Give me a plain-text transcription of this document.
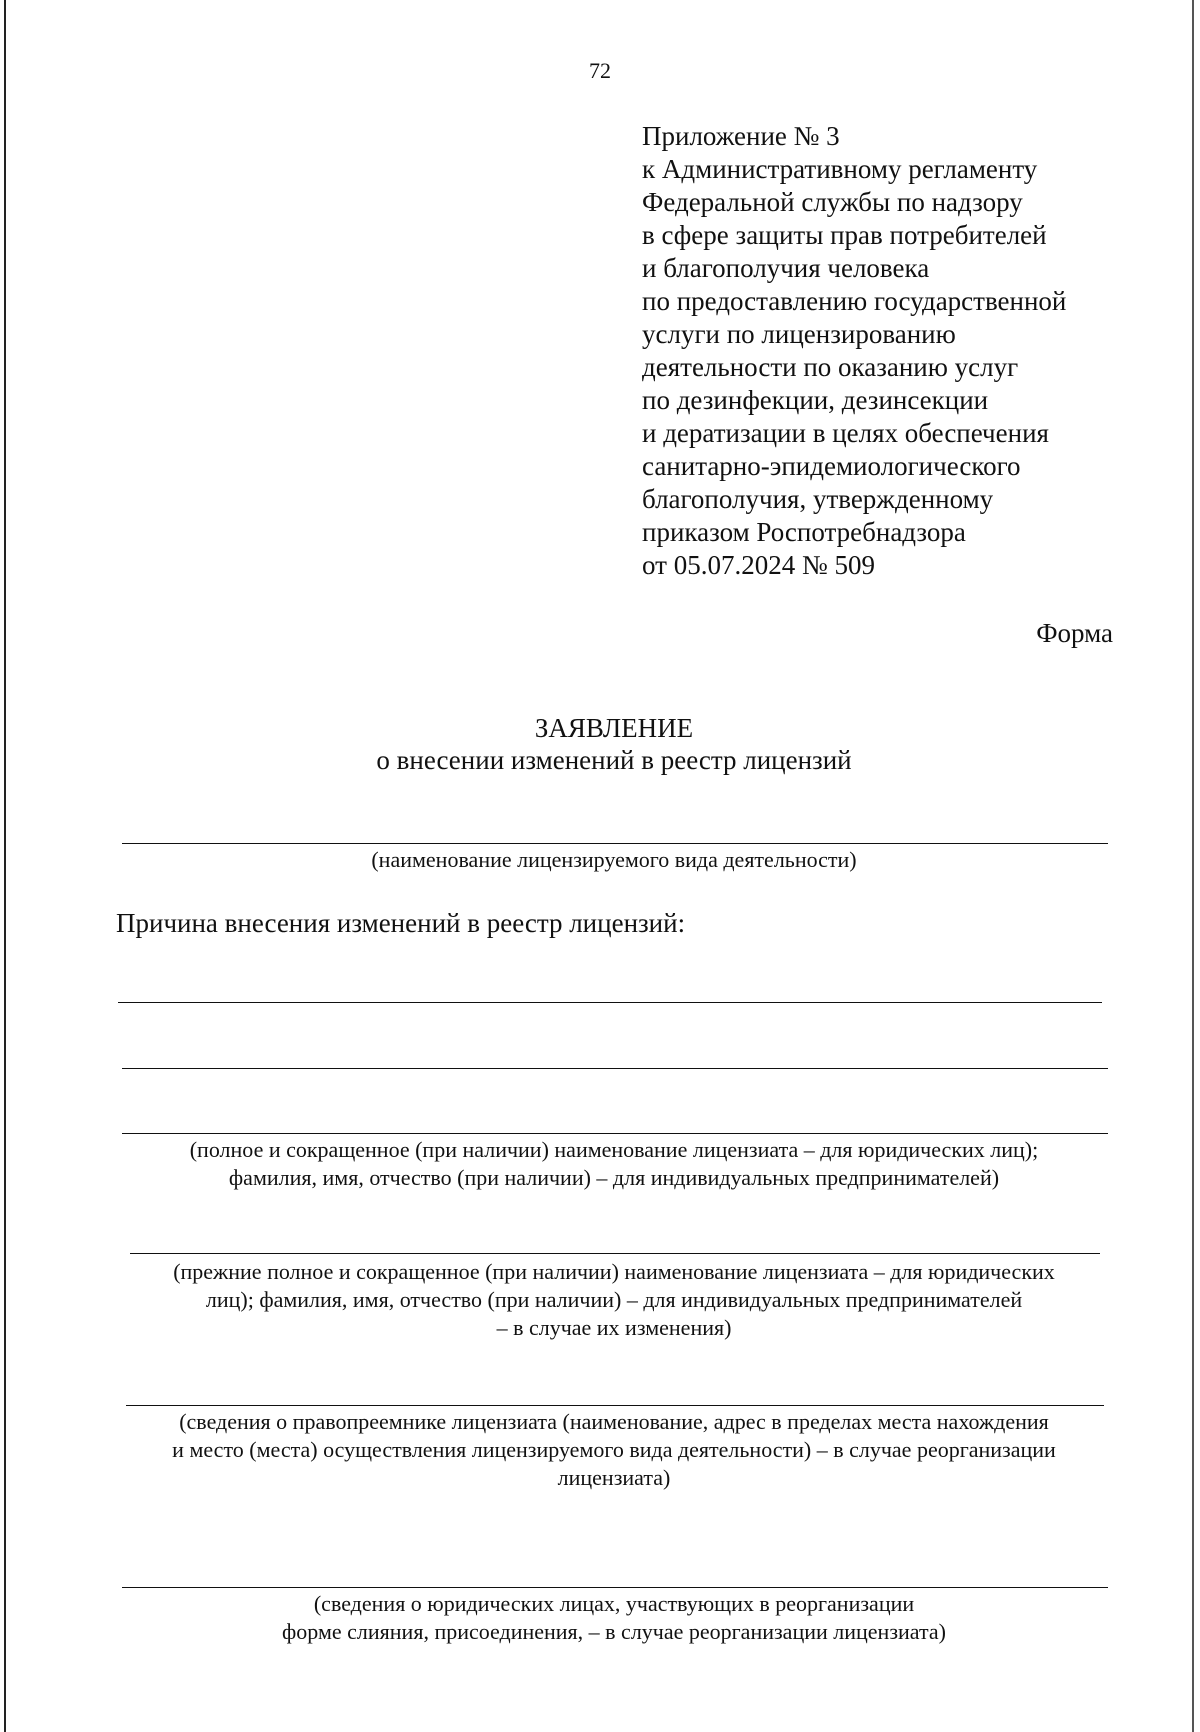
72
Приложение № 3
к Административному регламенту
Федеральной службы по надзору
в сфере защиты прав потребителей
и благополучия человека
по предоставлению государственной
услуги по лицензированию
деятельности по оказанию услуг
по дезинфекции, дезинсекции
и дератизации в целях обеспечения
санитарно-эпидемиологического
благополучия, утвержденному
приказом Роспотребнадзора
от 05.07.2024 № 509
Форма
ЗАЯВЛЕНИЕ
о внесении изменений в реестр лицензий
(наименование лицензируемого вида деятельности)
Причина внесения изменений в реестр лицензий:
(полное и сокращенное (при наличии) наименование лицензиата – для юридических лиц);
фамилия, имя, отчество (при наличии) – для индивидуальных предпринимателей)
(прежние полное и сокращенное (при наличии) наименование лицензиата – для юридических
лиц); фамилия, имя, отчество (при наличии) – для индивидуальных предпринимателей
– в случае их изменения)
(сведения о правопреемнике лицензиата (наименование, адрес в пределах места нахождения
и место (места) осуществления лицензируемого вида деятельности) – в случае реорганизации
лицензиата)
(сведения о юридических лицах, участвующих в реорганизации
форме слияния, присоединения, – в случае реорганизации лицензиата)
